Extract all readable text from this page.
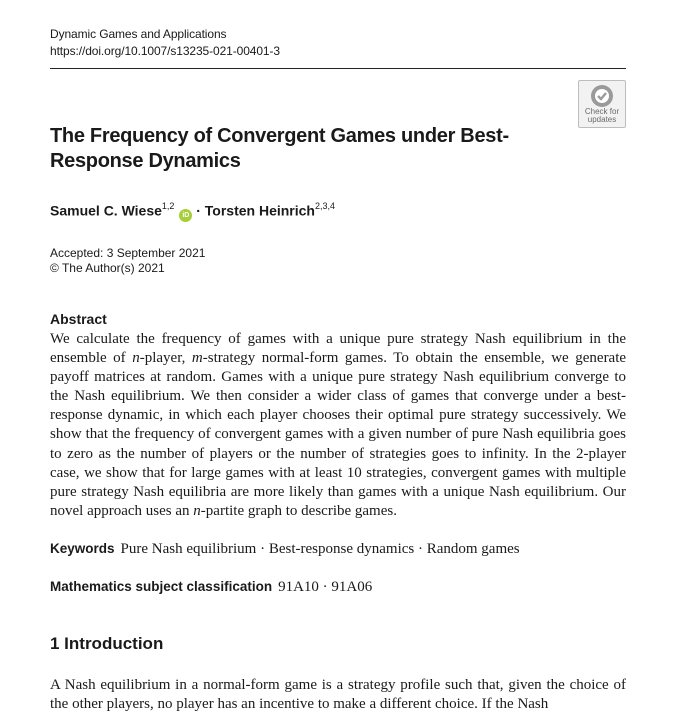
Dynamic Games and Applications
https://doi.org/10.1007/s13235-021-00401-3
Check for
updates
The Frequency of Convergent Games under Best-Response Dynamics
Samuel C. Wiese$^{1,2}$ iD · Torsten Heinrich$^{2,3,4}$
Accepted: 3 September 2021
© The Author(s) 2021
Abstract
We calculate the frequency of games with a unique pure strategy Nash equilibrium in the ensemble of n-player, m-strategy normal-form games. To obtain the ensemble, we generate payoff matrices at random. Games with a unique pure strategy Nash equilibrium converge to the Nash equilibrium. We then consider a wider class of games that converge under a best-response dynamic, in which each player chooses their optimal pure strategy successively. We show that the frequency of convergent games with a given number of pure Nash equilibria goes to zero as the number of players or the number of strategies goes to infinity. In the 2-player case, we show that for large games with at least 10 strategies, convergent games with multiple pure strategy Nash equilibria are more likely than games with a unique Nash equilibrium. Our novel approach uses an n-partite graph to describe games.
Keywords Pure Nash equilibrium · Best-response dynamics · Random games
Mathematics subject classification 91A10 · 91A06
1 Introduction
A Nash equilibrium in a normal-form game is a strategy profile such that, given the choice of the other players, no player has an incentive to make a different choice. If the Nash
